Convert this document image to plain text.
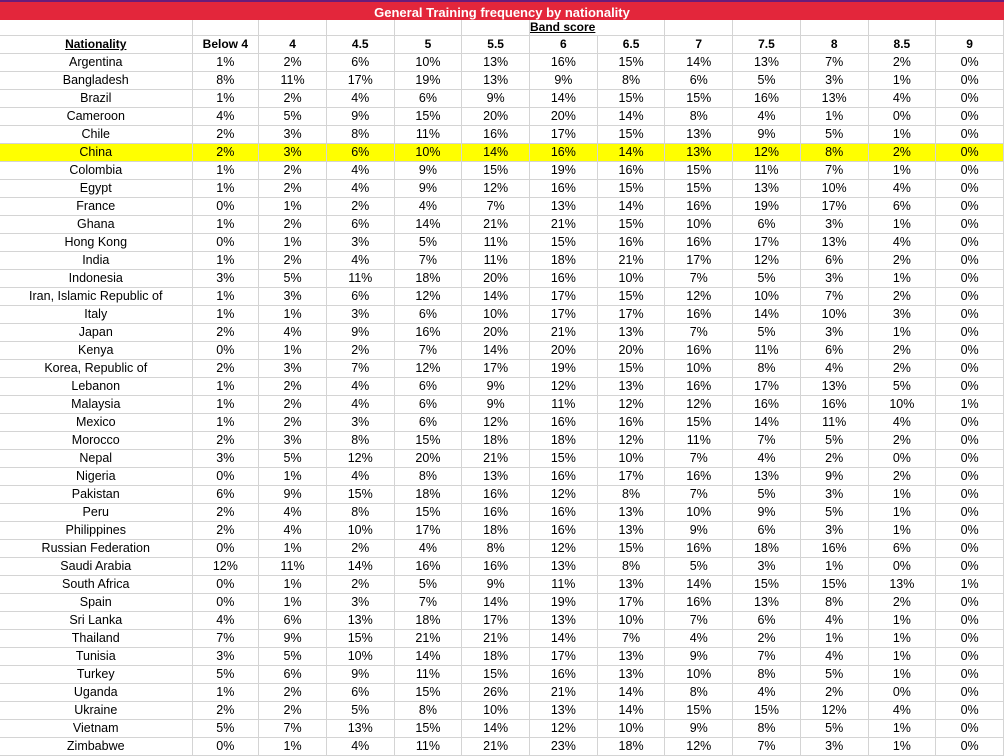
General Training frequency by nationality
						Band score						
Nationality	Below 4	4	4.5	5	5.5	6	6.5	7	7.5	8	8.5	9
Argentina	1%	2%	6%	10%	13%	16%	15%	14%	13%	7%	2%	0%
Bangladesh	8%	11%	17%	19%	13%	9%	8%	6%	5%	3%	1%	0%
Brazil	1%	2%	4%	6%	9%	14%	15%	15%	16%	13%	4%	0%
Cameroon	4%	5%	9%	15%	20%	20%	14%	8%	4%	1%	0%	0%
Chile	2%	3%	8%	11%	16%	17%	15%	13%	9%	5%	1%	0%
China	2%	3%	6%	10%	14%	16%	14%	13%	12%	8%	2%	0%
Colombia	1%	2%	4%	9%	15%	19%	16%	15%	11%	7%	1%	0%
Egypt	1%	2%	4%	9%	12%	16%	15%	15%	13%	10%	4%	0%
France	0%	1%	2%	4%	7%	13%	14%	16%	19%	17%	6%	0%
Ghana	1%	2%	6%	14%	21%	21%	15%	10%	6%	3%	1%	0%
Hong Kong	0%	1%	3%	5%	11%	15%	16%	16%	17%	13%	4%	0%
India	1%	2%	4%	7%	11%	18%	21%	17%	12%	6%	2%	0%
Indonesia	3%	5%	11%	18%	20%	16%	10%	7%	5%	3%	1%	0%
Iran, Islamic Republic of	1%	3%	6%	12%	14%	17%	15%	12%	10%	7%	2%	0%
Italy	1%	1%	3%	6%	10%	17%	17%	16%	14%	10%	3%	0%
Japan	2%	4%	9%	16%	20%	21%	13%	7%	5%	3%	1%	0%
Kenya	0%	1%	2%	7%	14%	20%	20%	16%	11%	6%	2%	0%
Korea, Republic of	2%	3%	7%	12%	17%	19%	15%	10%	8%	4%	2%	0%
Lebanon	1%	2%	4%	6%	9%	12%	13%	16%	17%	13%	5%	0%
Malaysia	1%	2%	4%	6%	9%	11%	12%	12%	16%	16%	10%	1%
Mexico	1%	2%	3%	6%	12%	16%	16%	15%	14%	11%	4%	0%
Morocco	2%	3%	8%	15%	18%	18%	12%	11%	7%	5%	2%	0%
Nepal	3%	5%	12%	20%	21%	15%	10%	7%	4%	2%	0%	0%
Nigeria	0%	1%	4%	8%	13%	16%	17%	16%	13%	9%	2%	0%
Pakistan	6%	9%	15%	18%	16%	12%	8%	7%	5%	3%	1%	0%
Peru	2%	4%	8%	15%	16%	16%	13%	10%	9%	5%	1%	0%
Philippines	2%	4%	10%	17%	18%	16%	13%	9%	6%	3%	1%	0%
Russian Federation	0%	1%	2%	4%	8%	12%	15%	16%	18%	16%	6%	0%
Saudi Arabia	12%	11%	14%	16%	16%	13%	8%	5%	3%	1%	0%	0%
South Africa	0%	1%	2%	5%	9%	11%	13%	14%	15%	15%	13%	1%
Spain	0%	1%	3%	7%	14%	19%	17%	16%	13%	8%	2%	0%
Sri Lanka	4%	6%	13%	18%	17%	13%	10%	7%	6%	4%	1%	0%
Thailand	7%	9%	15%	21%	21%	14%	7%	4%	2%	1%	1%	0%
Tunisia	3%	5%	10%	14%	18%	17%	13%	9%	7%	4%	1%	0%
Turkey	5%	6%	9%	11%	15%	16%	13%	10%	8%	5%	1%	0%
Uganda	1%	2%	6%	15%	26%	21%	14%	8%	4%	2%	0%	0%
Ukraine	2%	2%	5%	8%	10%	13%	14%	15%	15%	12%	4%	0%
Vietnam	5%	7%	13%	15%	14%	12%	10%	9%	8%	5%	1%	0%
Zimbabwe	0%	1%	4%	11%	21%	23%	18%	12%	7%	3%	1%	0%
